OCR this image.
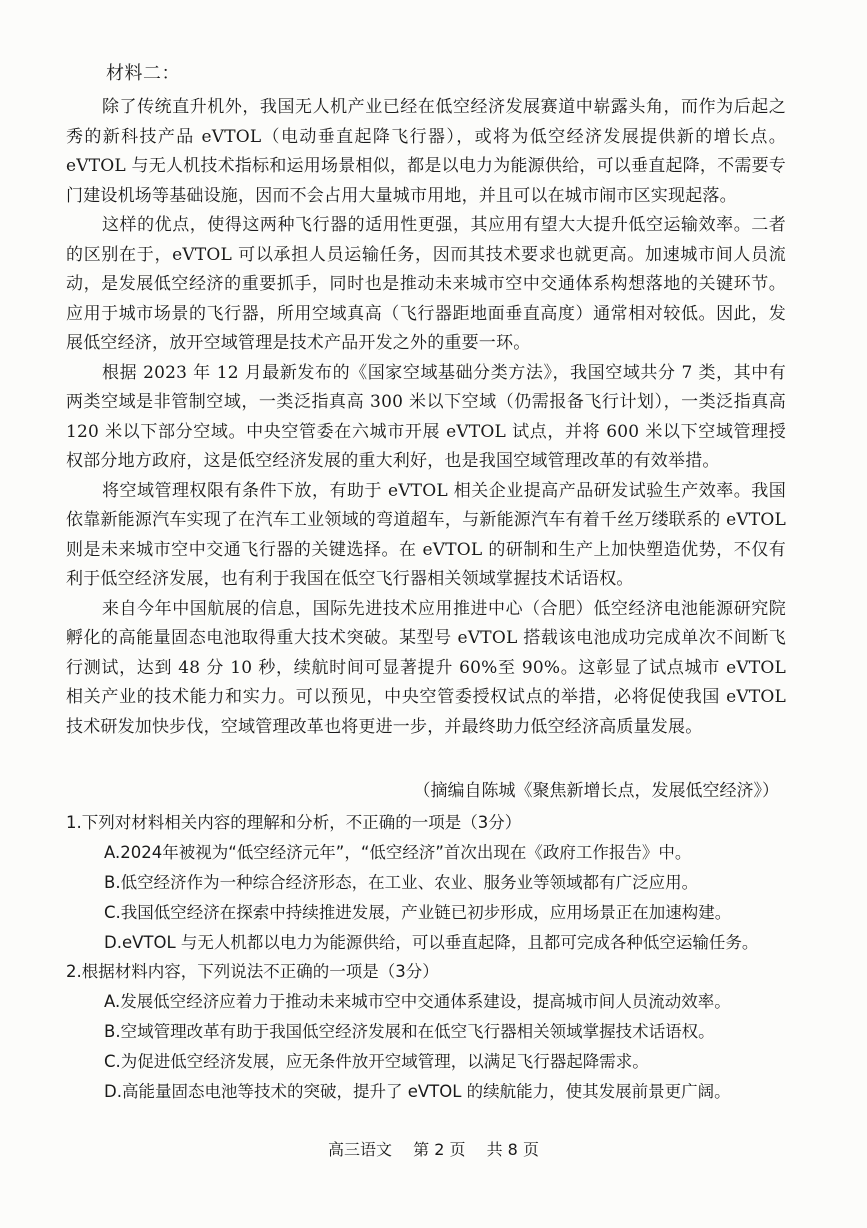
材料二：

除了传统直升机外，我国无人机产业已经在低空经济发展赛道中崭露头角，而作为后起之秀的新科技产品 eVTOL（电动垂直起降飞行器），或将为低空经济发展提供新的增长点。eVTOL 与无人机技术指标和运用场景相似，都是以电力为能源供给，可以垂直起降，不需要专门建设机场等基础设施，因而不会占用大量城市用地，并且可以在城市闹市区实现起落。

这样的优点，使得这两种飞行器的适用性更强，其应用有望大大提升低空运输效率。二者的区别在于，eVTOL 可以承担人员运输任务，因而其技术要求也就更高。加速城市间人员流动，是发展低空经济的重要抓手，同时也是推动未来城市空中交通体系构想落地的关键环节。应用于城市场景的飞行器，所用空域真高（飞行器距地面垂直高度）通常相对较低。因此，发展低空经济，放开空域管理是技术产品开发之外的重要一环。

根据 2023 年 12 月最新发布的《国家空域基础分类方法》，我国空域共分 7 类，其中有两类空域是非管制空域，一类泛指真高 300 米以下空域（仍需报备飞行计划），一类泛指真高 120 米以下部分空域。中央空管委在六城市开展 eVTOL 试点，并将 600 米以下空域管理授权部分地方政府，这是低空经济发展的重大利好，也是我国空域管理改革的有效举措。

将空域管理权限有条件下放，有助于 eVTOL 相关企业提高产品研发试验生产效率。我国依靠新能源汽车实现了在汽车工业领域的弯道超车，与新能源汽车有着千丝万缕联系的 eVTOL 则是未来城市空中交通飞行器的关键选择。在 eVTOL 的研制和生产上加快塑造优势，不仅有利于低空经济发展，也有利于我国在低空飞行器相关领域掌握技术话语权。

来自今年中国航展的信息，国际先进技术应用推进中心（合肥）低空经济电池能源研究院孵化的高能量固态电池取得重大技术突破。某型号 eVTOL 搭载该电池成功完成单次不间断飞行测试，达到 48 分 10 秒，续航时间可显著提升 60%至 90%。这彰显了试点城市 eVTOL 相关产业的技术能力和实力。可以预见，中央空管委授权试点的举措，必将促使我国 eVTOL 技术研发加快步伐，空域管理改革也将更进一步，并最终助力低空经济高质量发展。

（摘编自陈城《聚焦新增长点，发展低空经济》）

1.下列对材料相关内容的理解和分析，不正确的一项是（3分）

A.2024年被视为“低空经济元年”，“低空经济”首次出现在《政府工作报告》中。

B.低空经济作为一种综合经济形态，在工业、农业、服务业等领域都有广泛应用。

C.我国低空经济在探索中持续推进发展，产业链已初步形成，应用场景正在加速构建。

D.eVTOL 与无人机都以电力为能源供给，可以垂直起降，且都可完成各种低空运输任务。

2.根据材料内容，下列说法不正确的一项是（3分）

A.发展低空经济应着力于推动未来城市空中交通体系建设，提高城市间人员流动效率。

B.空域管理改革有助于我国低空经济发展和在低空飞行器相关领域掌握技术话语权。

C.为促进低空经济发展，应无条件放开空域管理，以满足飞行器起降需求。

D.高能量固态电池等技术的突破，提升了 eVTOL 的续航能力，使其发展前景更广阔。

高三语文 第 2 页 共 8 页
